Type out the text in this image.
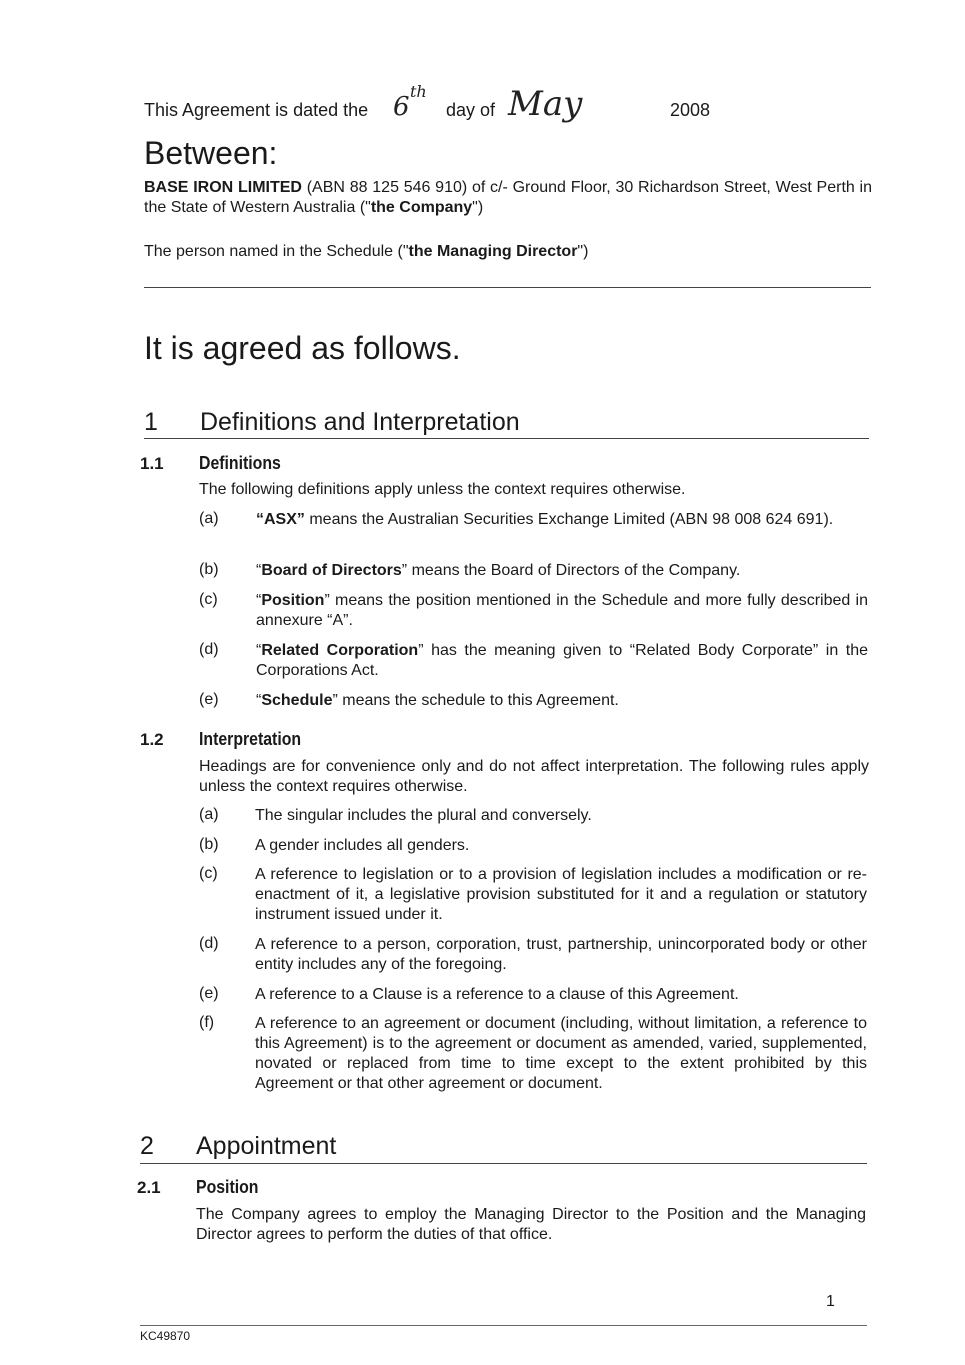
This Agreement is dated the 6
th
day of May	2008
Between:
BASE IRON LIMITED (ABN 88 125 546 910) of c/- Ground Floor, 30 Richardson Street, West Perth in the State of Western Australia ("the Company")
The person named in the Schedule ("the Managing Director")
It is agreed as follows.
1 Definitions and Interpretation
1.1 Definitions
The following definitions apply unless the context requires otherwise.
(a) “ASX” means the Australian Securities Exchange Limited (ABN 98 008 624 691).
(b) “Board of Directors” means the Board of Directors of the Company.
(c) “Position” means the position mentioned in the Schedule and more fully described in annexure “A”.
(d) “Related Corporation” has the meaning given to “Related Body Corporate” in the Corporations Act.
(e) “Schedule” means the schedule to this Agreement.
1.2 Interpretation
Headings are for convenience only and do not affect interpretation. The following rules apply unless the context requires otherwise.
(a) The singular includes the plural and conversely.
(b) A gender includes all genders.
(c) A reference to legislation or to a provision of legislation includes a modification or re-enactment of it, a legislative provision substituted for it and a regulation or statutory instrument issued under it.
(d) A reference to a person, corporation, trust, partnership, unincorporated body or other entity includes any of the foregoing.
(e) A reference to a Clause is a reference to a clause of this Agreement.
(f)	A reference to an agreement or document (including, without limitation, a reference to this Agreement) is to the agreement or document as amended, varied, supplemented, novated or replaced from time to time except to the extent prohibited by this Agreement or that other agreement or document.
2 Appointment
2.1 Position
The Company agrees to employ the Managing Director to the Position and the Managing Director agrees to perform the duties of that office.
1
KC49870
